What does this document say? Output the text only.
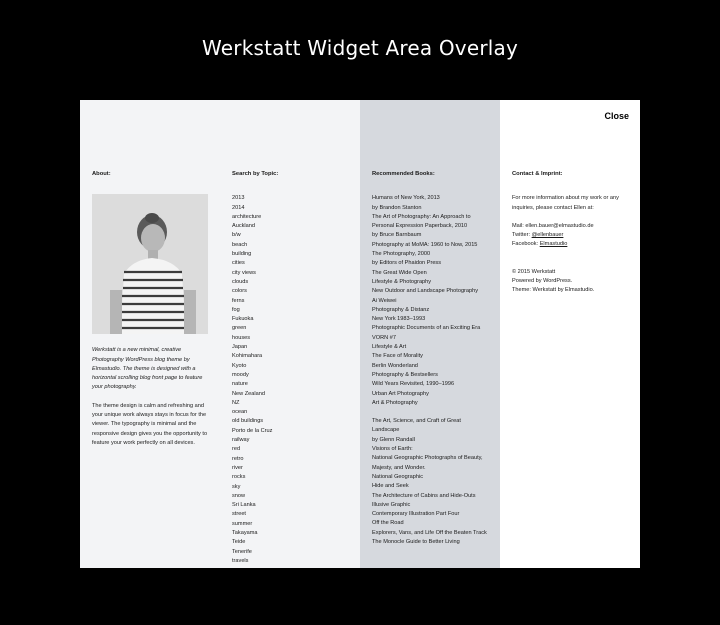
Werkstatt Widget Area Overlay
About:

Werkstatt is a new minimal, creative Photography WordPress blog theme by Elmastudio. The theme is designed with a horizontal scrolling blog front page to feature your photography.

The theme design is calm and refreshing and your unique work always stays in focus for the viewer. The typography is minimal and the responsive design gives you the opportunity to feature your work perfectly on all devices.

Search by Topic:
2013
2014
architecture
Auckland
b/w
beach
building
cities
city views
clouds
colors
ferns
fog
Fukuoka
green
houses
Japan
Kohimahara
Kyoto
moody
nature
New Zealand
NZ
ocean
old buildings
Porto de la Cruz
railway
red
retro
river
rocks
sky
snow
Sri Lanka
street
summer
Takayama
Teide
Tenerife
travels
Recommended Books:
Humans of New York, 2013
by Brandon Stanton
The Art of Photography: An Approach to Personal Expression Paperback, 2010
by Bruce Barnbaum
Photography at MoMA: 1960 to Now, 2015
The Photography, 2000
by Editors of Phaidon Press
The Great Wide Open
Lifestyle & Photography
New Outdoor and Landscape Photography
Ai Weiwei
Photography & Distanz
New York 1983–1993
Photographic Documents of an Exciting Era
VORN #7
Lifestyle & Art
The Face of Morality
Berlin Wonderland
Photography & Bestsellers
Wild Years Revisited, 1990–1996
Urban Art Photography
Art & Photography
The Art, Science, and Craft of Great Landscape
by Glenn Randall
Visions of Earth:
National Geographic Photographs of Beauty, Majesty, and Wonder.
National Geographic
Hide and Seek
The Architecture of Cabins and Hide-Outs
Illusive Graphic
Contemporary Illustration Part Four
Off the Road
Explorers, Vans, and Life Off the Beaten Track
The Monocle Guide to Better Living
Close
Contact & Imprint:

For more information about my work or any inquiries, please contact Ellen at:

Mail: ellen.bauer@elmastudio.de
Twitter: @ellenbauer
Facebook: Elmastudio

© 2015 Werkstatt
Powered by WordPress.
Theme: Werkstatt by Elmastudio.
